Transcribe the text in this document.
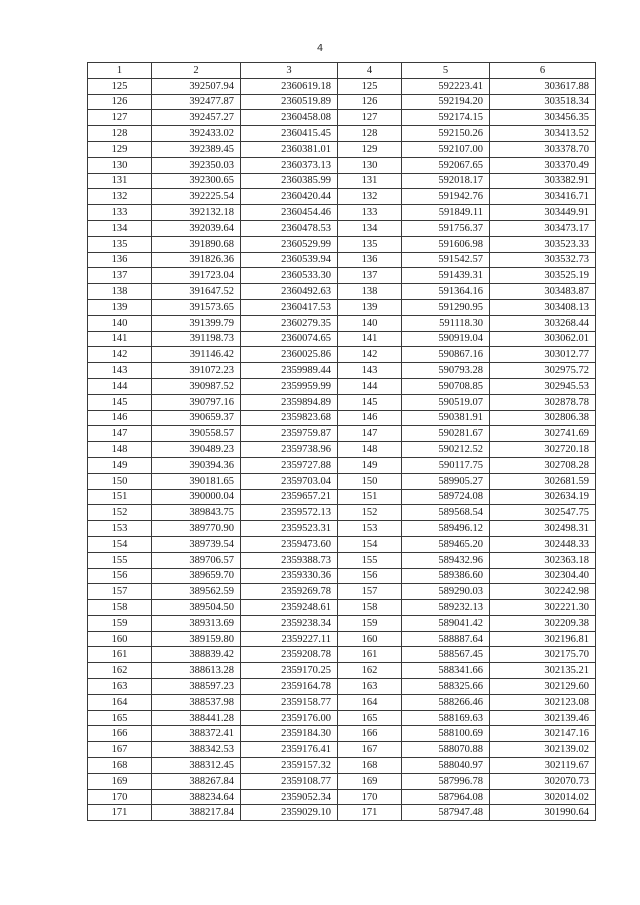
4
1	2	3	4	5	6
125	392507.94	2360619.18	125	592223.41	303617.88
126	392477.87	2360519.89	126	592194.20	303518.34
127	392457.27	2360458.08	127	592174.15	303456.35
128	392433.02	2360415.45	128	592150.26	303413.52
129	392389.45	2360381.01	129	592107.00	303378.70
130	392350.03	2360373.13	130	592067.65	303370.49
131	392300.65	2360385.99	131	592018.17	303382.91
132	392225.54	2360420.44	132	591942.76	303416.71
133	392132.18	2360454.46	133	591849.11	303449.91
134	392039.64	2360478.53	134	591756.37	303473.17
135	391890.68	2360529.99	135	591606.98	303523.33
136	391826.36	2360539.94	136	591542.57	303532.73
137	391723.04	2360533.30	137	591439.31	303525.19
138	391647.52	2360492.63	138	591364.16	303483.87
139	391573.65	2360417.53	139	591290.95	303408.13
140	391399.79	2360279.35	140	591118.30	303268.44
141	391198.73	2360074.65	141	590919.04	303062.01
142	391146.42	2360025.86	142	590867.16	303012.77
143	391072.23	2359989.44	143	590793.28	302975.72
144	390987.52	2359959.99	144	590708.85	302945.53
145	390797.16	2359894.89	145	590519.07	302878.78
146	390659.37	2359823.68	146	590381.91	302806.38
147	390558.57	2359759.87	147	590281.67	302741.69
148	390489.23	2359738.96	148	590212.52	302720.18
149	390394.36	2359727.88	149	590117.75	302708.28
150	390181.65	2359703.04	150	589905.27	302681.59
151	390000.04	2359657.21	151	589724.08	302634.19
152	389843.75	2359572.13	152	589568.54	302547.75
153	389770.90	2359523.31	153	589496.12	302498.31
154	389739.54	2359473.60	154	589465.20	302448.33
155	389706.57	2359388.73	155	589432.96	302363.18
156	389659.70	2359330.36	156	589386.60	302304.40
157	389562.59	2359269.78	157	589290.03	302242.98
158	389504.50	2359248.61	158	589232.13	302221.30
159	389313.69	2359238.34	159	589041.42	302209.38
160	389159.80	2359227.11	160	588887.64	302196.81
161	388839.42	2359208.78	161	588567.45	302175.70
162	388613.28	2359170.25	162	588341.66	302135.21
163	388597.23	2359164.78	163	588325.66	302129.60
164	388537.98	2359158.77	164	588266.46	302123.08
165	388441.28	2359176.00	165	588169.63	302139.46
166	388372.41	2359184.30	166	588100.69	302147.16
167	388342.53	2359176.41	167	588070.88	302139.02
168	388312.45	2359157.32	168	588040.97	302119.67
169	388267.84	2359108.77	169	587996.78	302070.73
170	388234.64	2359052.34	170	587964.08	302014.02
171	388217.84	2359029.10	171	587947.48	301990.64
